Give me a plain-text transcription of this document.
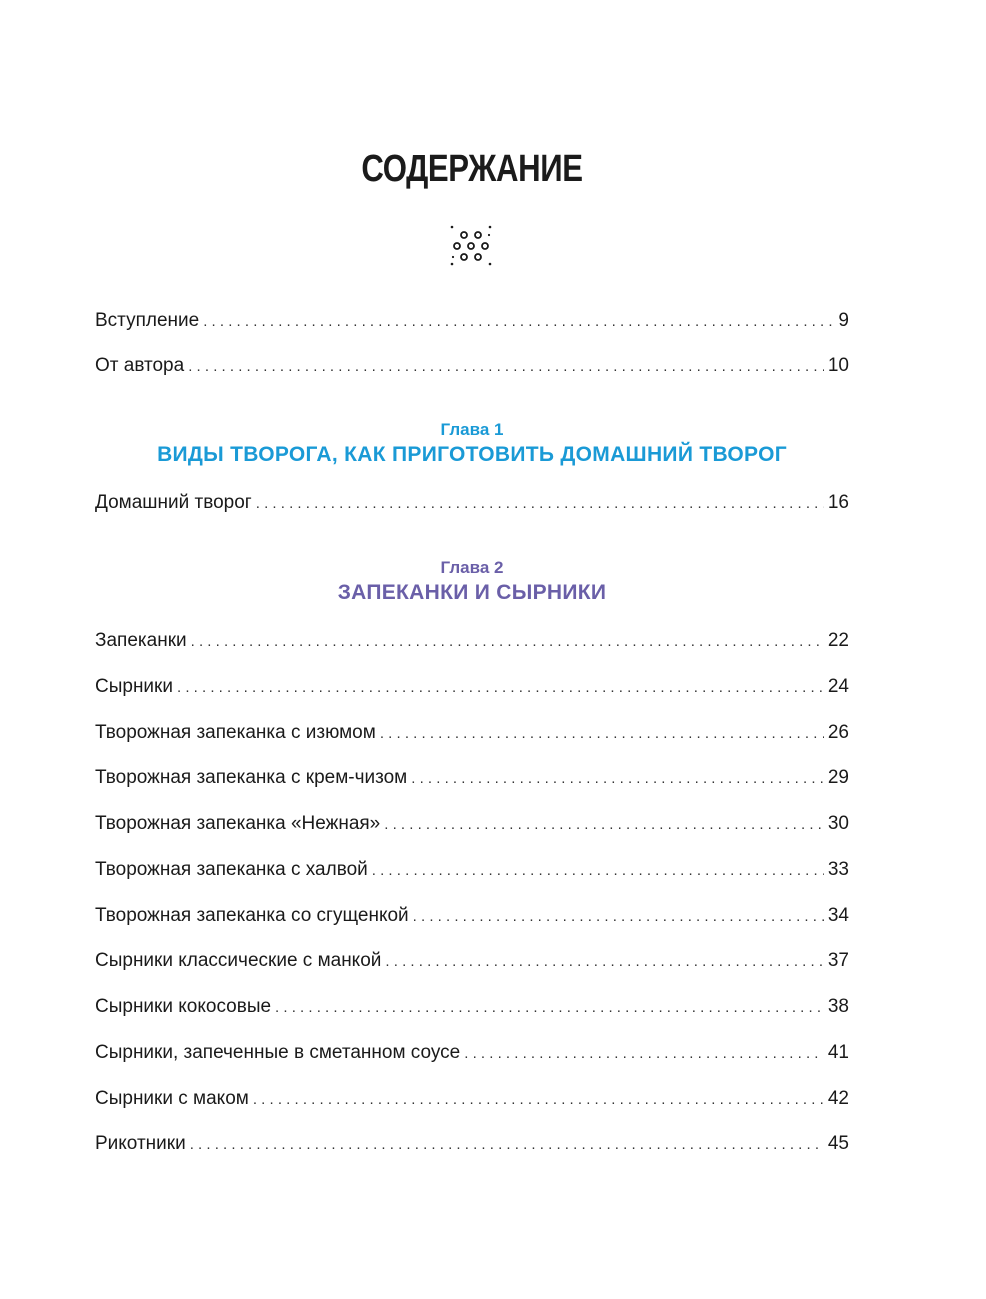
СОДЕРЖАНИЕ
Вступление . . .	9
От автора . . .	10
Глава 1
ВИДЫ ТВОРОГА, КАК ПРИГОТОВИТЬ ДОМАШНИЙ ТВОРОГ
Домашний творог . . .	16
Глава 2
ЗАПЕКАНКИ И СЫРНИКИ
Запеканки . . .	22
Сырники . . .	24
Творожная запеканка с изюмом . . .	26
Творожная запеканка с крем-чизом . . .	29
Творожная запеканка «Нежная» . . .	30
Творожная запеканка с халвой . . .	33
Творожная запеканка со сгущенкой . . .	34
Сырники классические с манкой . . .	37
Сырники кокосовые . . .	38
Сырники, запеченные в сметанном соусе . . .	41
Сырники с маком . . .	42
Рикотники . . .	45
